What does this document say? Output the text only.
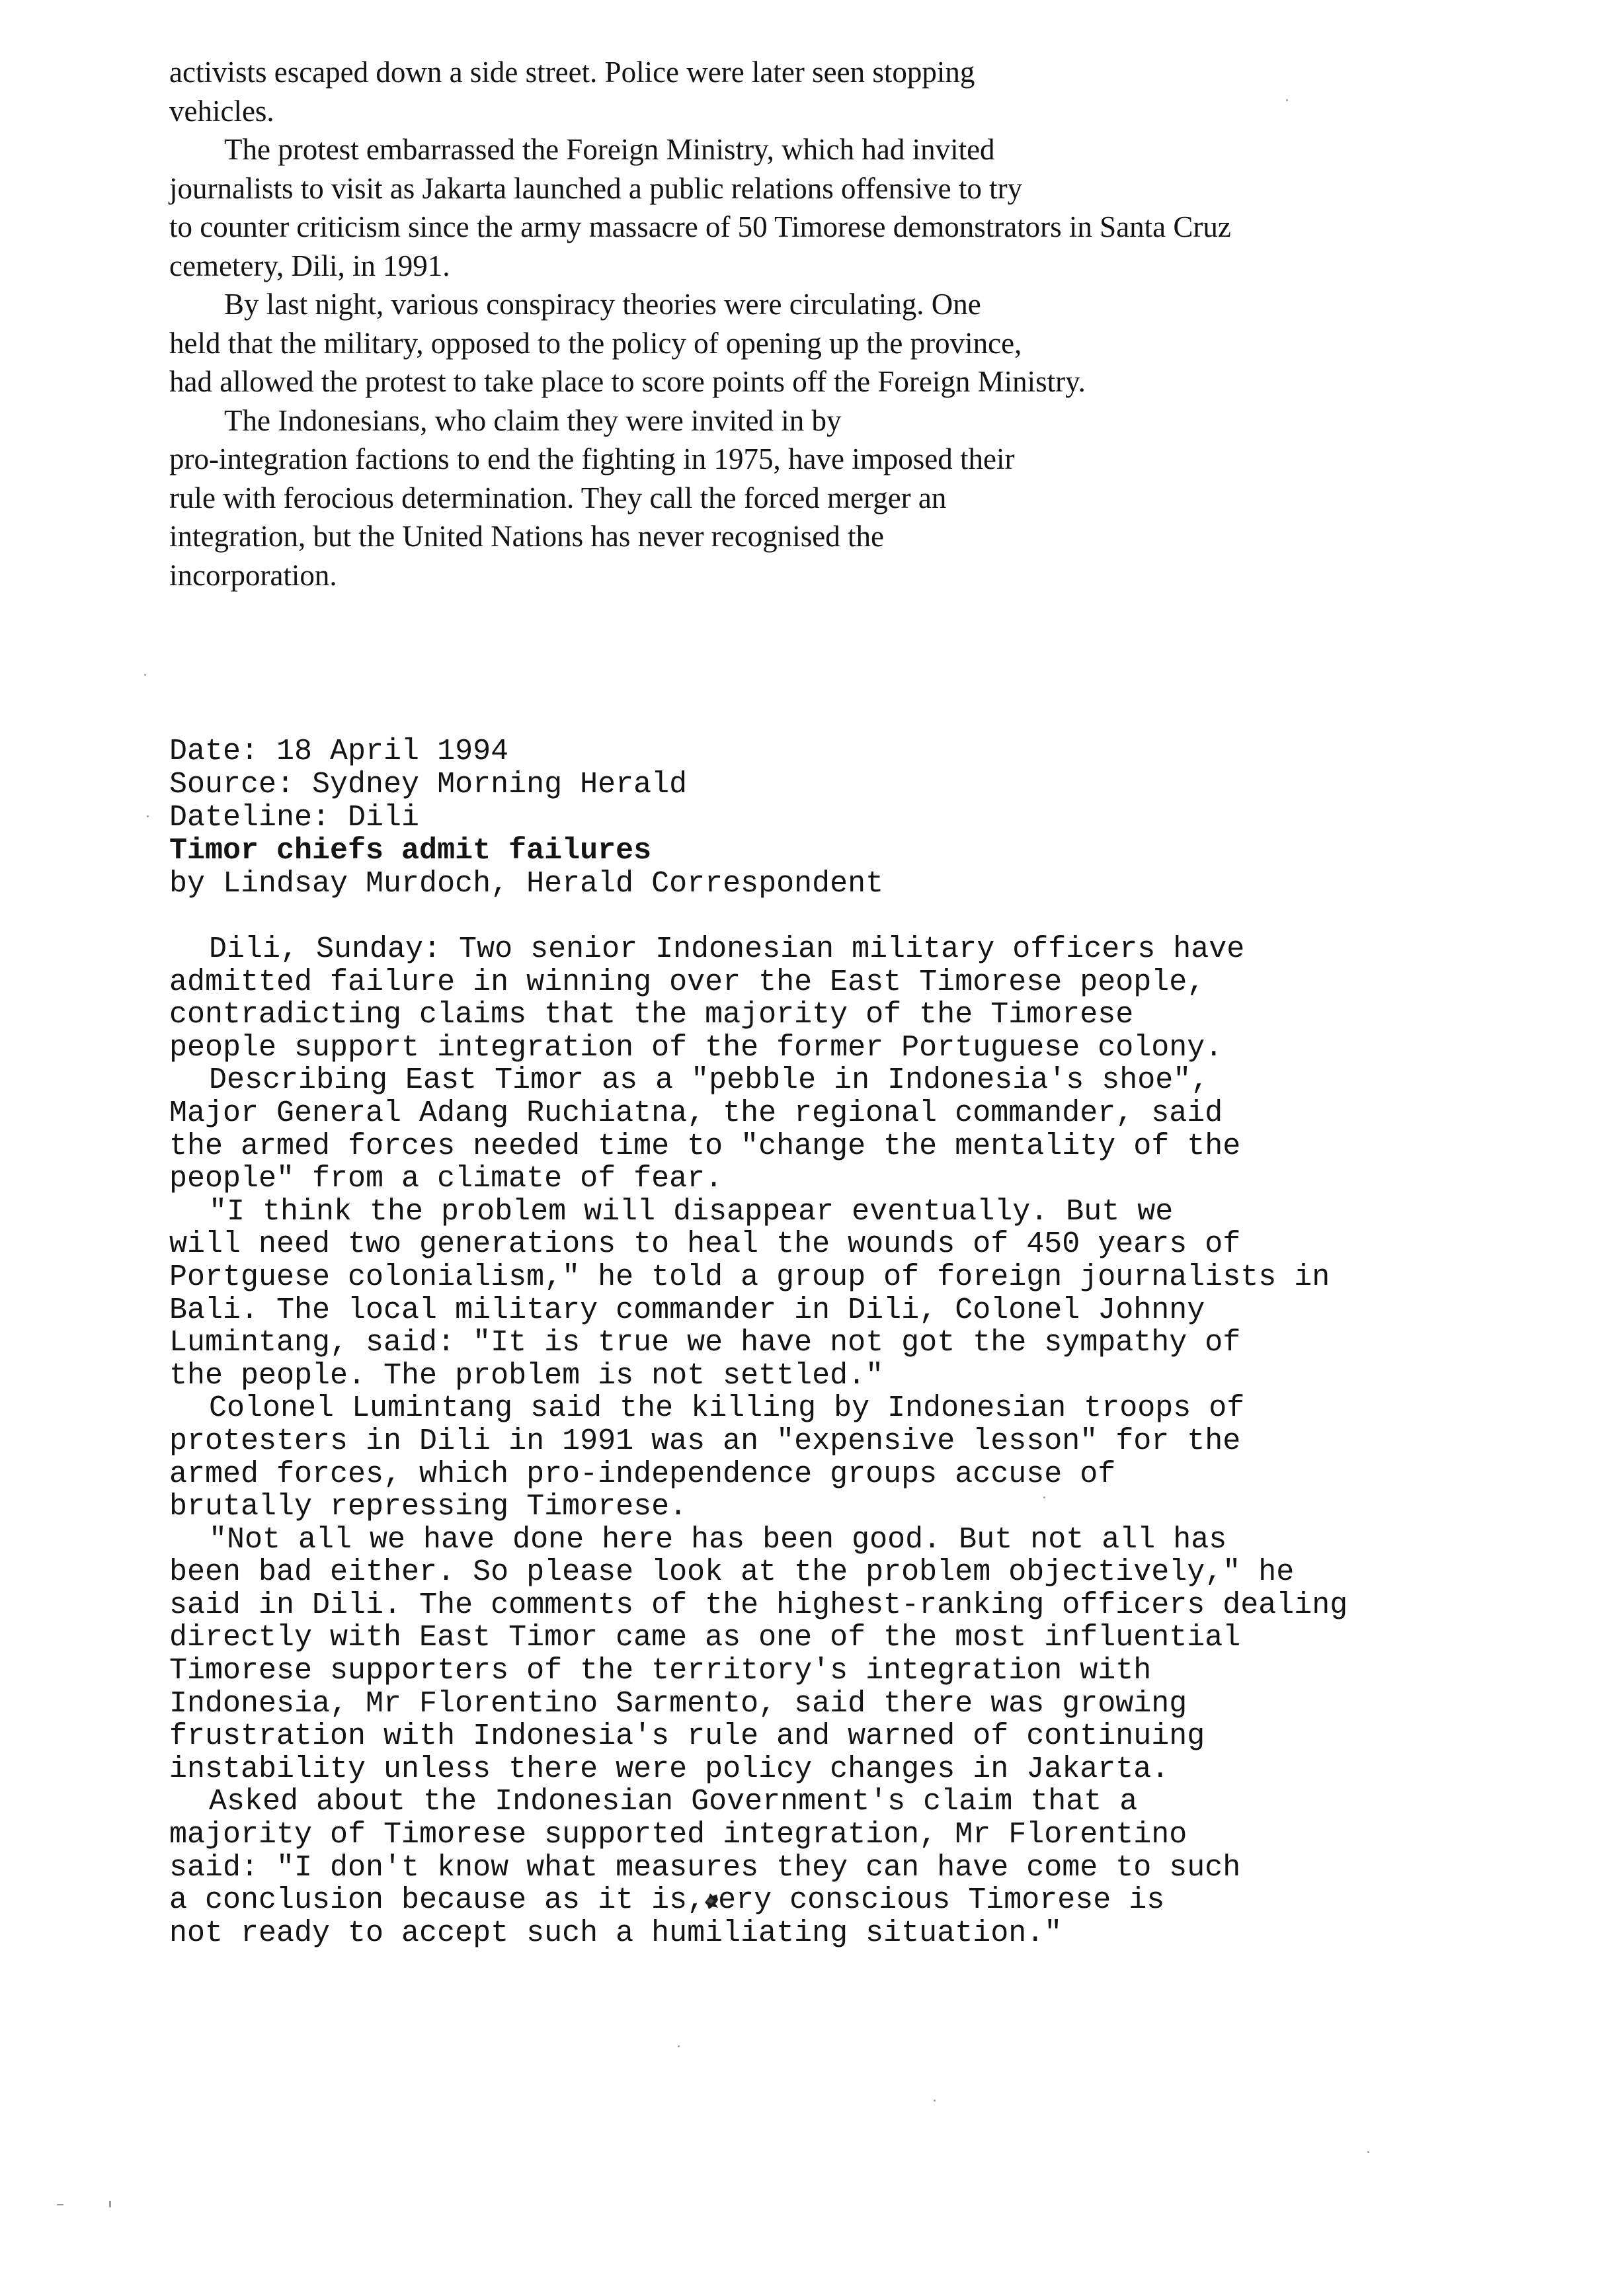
activists escaped down a side street. Police were later seen stopping
vehicles.
The protest embarrassed the Foreign Ministry, which had invited
journalists to visit as Jakarta launched a public relations offensive to try
to counter criticism since the army massacre of 50 Timorese demonstrators in Santa Cruz
cemetery, Dili, in 1991.
By last night, various conspiracy theories were circulating. One
held that the military, opposed to the policy of opening up the province,
had allowed the protest to take place to score points off the Foreign Ministry.
The Indonesians, who claim they were invited in by
pro-integration factions to end the fighting in 1975, have imposed their
rule with ferocious determination. They call the forced merger an
integration, but the United Nations has never recognised the
incorporation.
Date: 18 April 1994
Source: Sydney Morning Herald
Dateline: Dili
Timor chiefs admit failures
by Lindsay Murdoch, Herald Correspondent
Dili, Sunday: Two senior Indonesian military officers have
admitted failure in winning over the East Timorese people,
contradicting claims that the majority of the Timorese
people support integration of the former Portuguese colony.
Describing East Timor as a "pebble in Indonesia's shoe",
Major General Adang Ruchiatna, the regional commander, said
the armed forces needed time to "change the mentality of the
people" from a climate of fear.
"I think the problem will disappear eventually. But we
will need two generations to heal the wounds of 450 years of
Portguese colonialism," he told a group of foreign journalists in
Bali. The local military commander in Dili, Colonel Johnny
Lumintang, said: "It is true we have not got the sympathy of
the people. The problem is not settled."
Colonel Lumintang said the killing by Indonesian troops of
protesters in Dili in 1991 was an "expensive lesson" for the
armed forces, which pro-independence groups accuse of
brutally repressing Timorese.
"Not all we have done here has been good. But not all has
been bad either. So please look at the problem objectively," he
said in Dili. The comments of the highest-ranking officers dealing
directly with East Timor came as one of the most influential
Timorese supporters of the territory's integration with
Indonesia, Mr Florentino Sarmento, said there was growing
frustration with Indonesia's rule and warned of continuing
instability unless there were policy changes in Jakarta.
Asked about the Indonesian Government's claim that a
majority of Timorese supported integration, Mr Florentino
said: "I don't know what measures they can have come to such
a conclusion because as it is, ery conscious Timorese is
not ready to accept such a humiliating situation."
